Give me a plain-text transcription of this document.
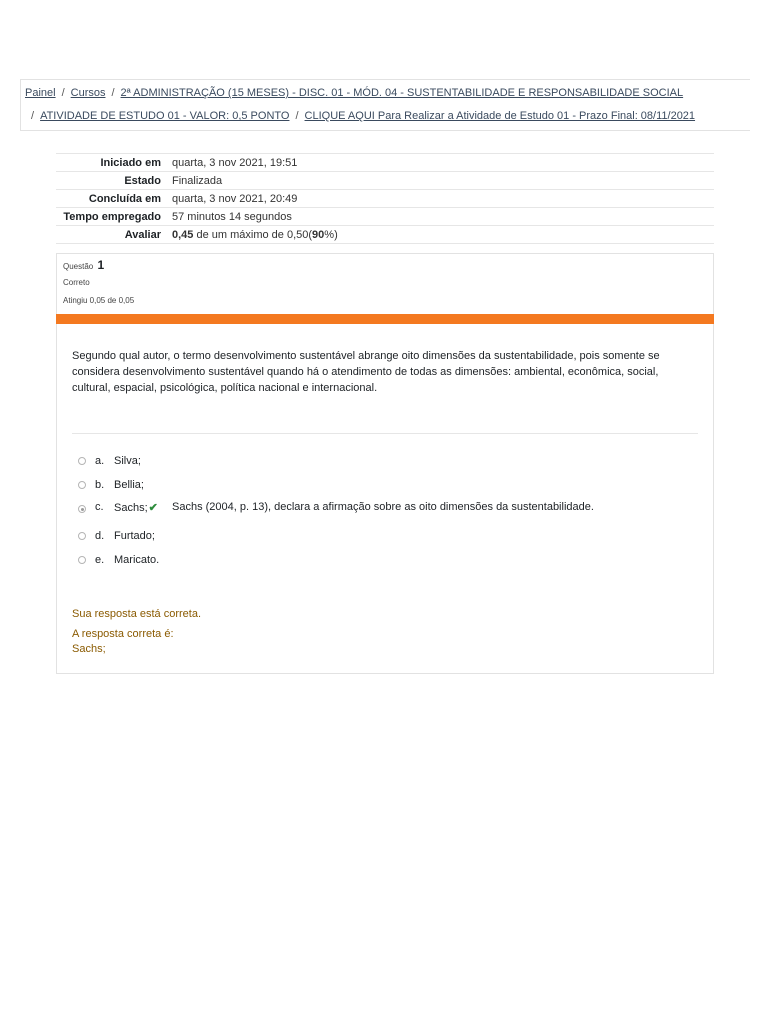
Painel / Cursos / 2ª ADMINISTRAÇÃO (15 MESES) - DISC. 01 - MÓD. 04 - SUSTENTABILIDADE E RESPONSABILIDADE SOCIAL
/ ATIVIDADE DE ESTUDO 01 - VALOR: 0,5 PONTO / CLIQUE AQUI Para Realizar a Atividade de Estudo 01 - Prazo Final: 08/11/2021
Iniciado em	quarta, 3 nov 2021, 19:51
Estado	Finalizada
Concluída em	quarta, 3 nov 2021, 20:49
Tempo empregado	57 minutos 14 segundos
Avaliar	0,45 de um máximo de 0,50(90%)
Questão 1
Correto
Atingiu 0,05 de 0,05
Segundo qual autor, o termo desenvolvimento sustentável abrange oito dimensões da sustentabilidade, pois somente se considera desenvolvimento sustentável quando há o atendimento de todas as dimensões: ambiental, econômica, social, cultural, espacial, psicológica, política nacional e internacional.
a. Silva;
b. Bellia;
c. Sachs;✔ Sachs (2004, p. 13), declara a afirmação sobre as oito dimensões da sustentabilidade.
d. Furtado;
e. Maricato.
Sua resposta está correta.
A resposta correta é:
Sachs;
